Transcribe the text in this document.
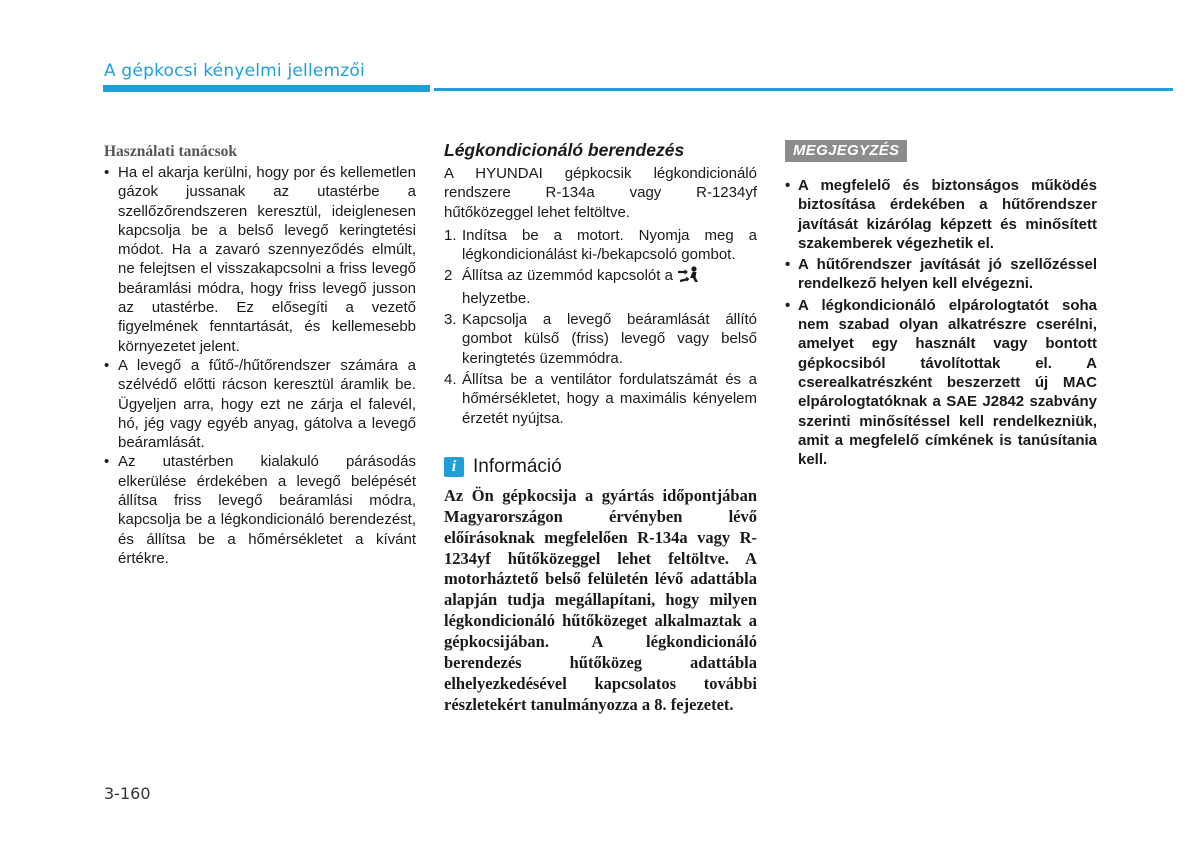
A gépkocsi kényelmi jellemzői
Használati tanácsok
• Ha el akarja kerülni, hogy por és kellemetlen gázok jussanak az utastérbe a szellőzőrendszeren keresztül, ideiglenesen kapcsolja be a belső levegő keringtetési módot. Ha a zavaró szennyeződés elmúlt, ne felejtsen el visszakapcsolni a friss levegő beáramlási módra, hogy friss levegő jusson az utastérbe. Ez elősegíti a vezető figyelmének fenntartását, és kellemesebb környezetet jelent.
• A levegő a fűtő-/hűtőrendszer számára a szélvédő előtti rácson keresztül áramlik be. Ügyeljen arra, hogy ezt ne zárja el falevél, hó, jég vagy egyéb anyag, gátolva a levegő beáramlását.
• Az utastérben kialakuló párásodás elkerülése érdekében a levegő belépését állítsa friss levegő beáramlási módra, kapcsolja be a légkondicionáló berendezést, és állítsa be a hőmérsékletet a kívánt értékre.
Légkondicionáló berendezés

A HYUNDAI gépkocsik légkondicionáló rendszere R-134a vagy R-1234yf hűtőközeggel lehet feltöltve.

1. Indítsa be a motort. Nyomja meg a légkondicionálást ki-/bekapcsoló gombot.
2 Állítsa az üzemmód kapcsolót a
helyzetbe.
3. Kapcsolja a levegő beáramlását állító gombot külső (friss) levegő vagy belső keringtetés üzemmódra.
4. Állítsa be a ventilátor fordulatszámát és a hőmérsékletet, hogy a maximális kényelem érzetét nyújtsa.
i Információ
Az Ön gépkocsija a gyártás időpontjában Magyarországon érvényben lévő előírásoknak megfelelően R-134a vagy R-1234yf hűtőközeggel lehet feltöltve. A motorháztető belső felületén lévő adattábla alapján tudja megállapítani, hogy milyen légkondicionáló hűtőközeget alkalmaztak a gépkocsijában. A légkondicionáló berendezés hűtőközeg adattábla elhelyezkedésével kapcsolatos további részletekért tanulmányozza a 8. fejezetet.
MEGJEGYZÉS
• A megfelelő és biztonságos működés biztosítása érdekében a hűtőrendszer javítását kizárólag képzett és minősített szakemberek végezhetik el.
• A hűtőrendszer javítását jó szellőzéssel rendelkező helyen kell elvégezni.
• A légkondicionáló elpárologtatót soha nem szabad olyan alkatrészre cserélni, amelyet egy használt vagy bontott gépkocsiból távolítottak el. A cserealkatrészként beszerzett új MAC elpárologtatóknak a SAE J2842 szabvány szerinti minősítéssel kell rendelkezniük, amit a megfelelő címkének is tanúsítania kell.
3-160
